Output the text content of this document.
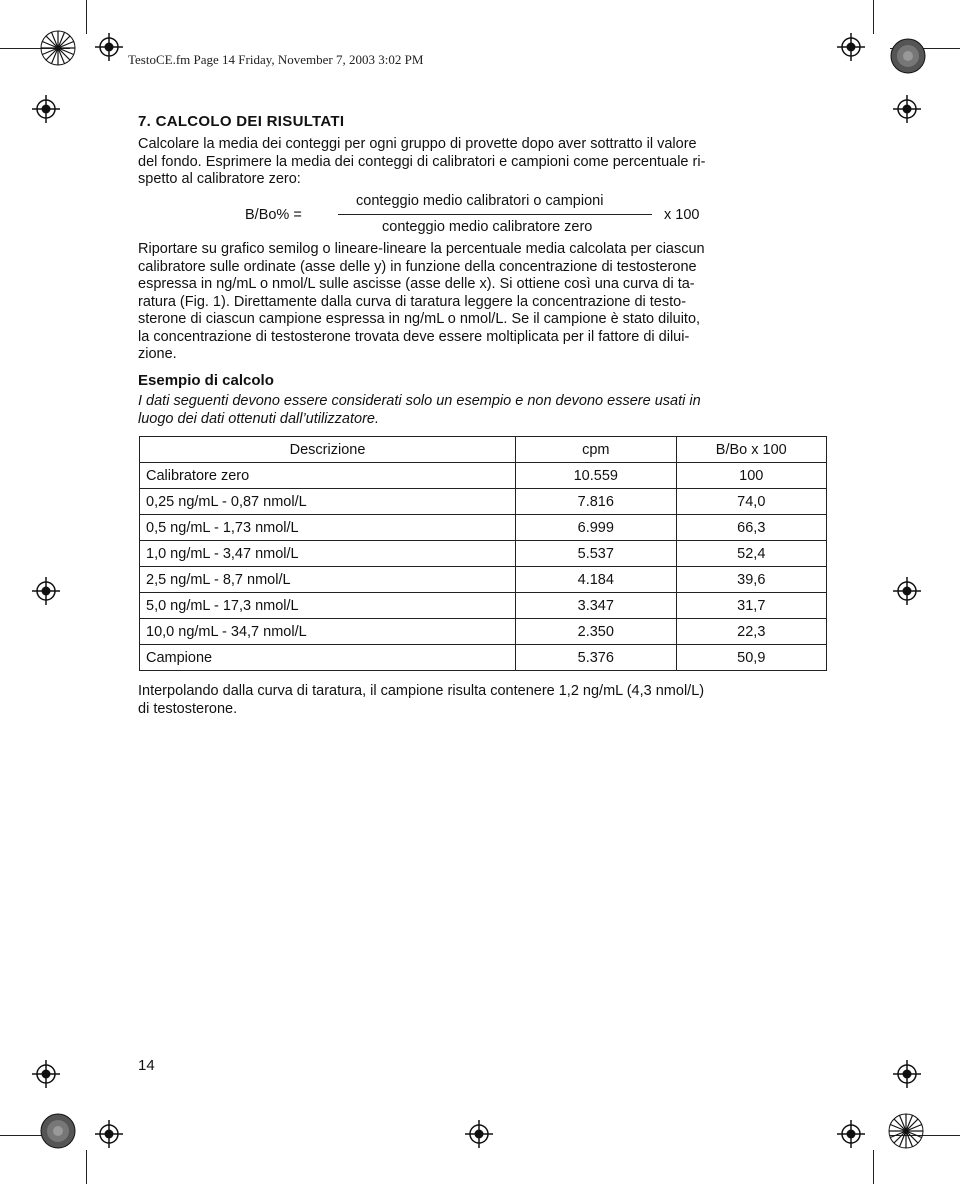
TestoCE.fm Page 14 Friday, November 7, 2003 3:02 PM
7. CALCOLO DEI RISULTATI
Calcolare la media dei conteggi per ogni gruppo di provette dopo aver sottratto il valore
del fondo. Esprimere la media dei conteggi di calibratori e campioni come percentuale ri-
spetto al calibratore zero:
B/Bo% =
conteggio medio calibratori o campioni
conteggio medio calibratore zero
x 100
Riportare su grafico semilog o lineare-lineare la percentuale media calcolata per ciascun
calibratore sulle ordinate (asse delle y) in funzione della concentrazione di testosterone
espressa in ng/mL o nmol/L sulle ascisse (asse delle x). Si ottiene così una curva di ta-
ratura (Fig. 1). Direttamente dalla curva di taratura leggere la concentrazione di testo-
sterone di ciascun campione espressa in ng/mL o nmol/L. Se il campione è stato diluito,
la concentrazione di testosterone trovata deve essere moltiplicata per il fattore di dilui-
zione.
Esempio di calcolo
I dati seguenti devono essere considerati solo un esempio e non devono essere usati in
luogo dei dati ottenuti dall’utilizzatore.
Descrizione	cpm	B/Bo x 100
Calibratore zero	10.559	100
0,25 ng/mL - 0,87 nmol/L	7.816	74,0
0,5 ng/mL - 1,73 nmol/L	6.999	66,3
1,0 ng/mL - 3,47 nmol/L	5.537	52,4
2,5 ng/mL - 8,7 nmol/L	4.184	39,6
5,0 ng/mL - 17,3 nmol/L	3.347	31,7
10,0 ng/mL - 34,7 nmol/L	2.350	22,3
Campione	5.376	50,9
Interpolando dalla curva di taratura, il campione risulta contenere 1,2 ng/mL (4,3 nmol/L)
di testosterone.
14
